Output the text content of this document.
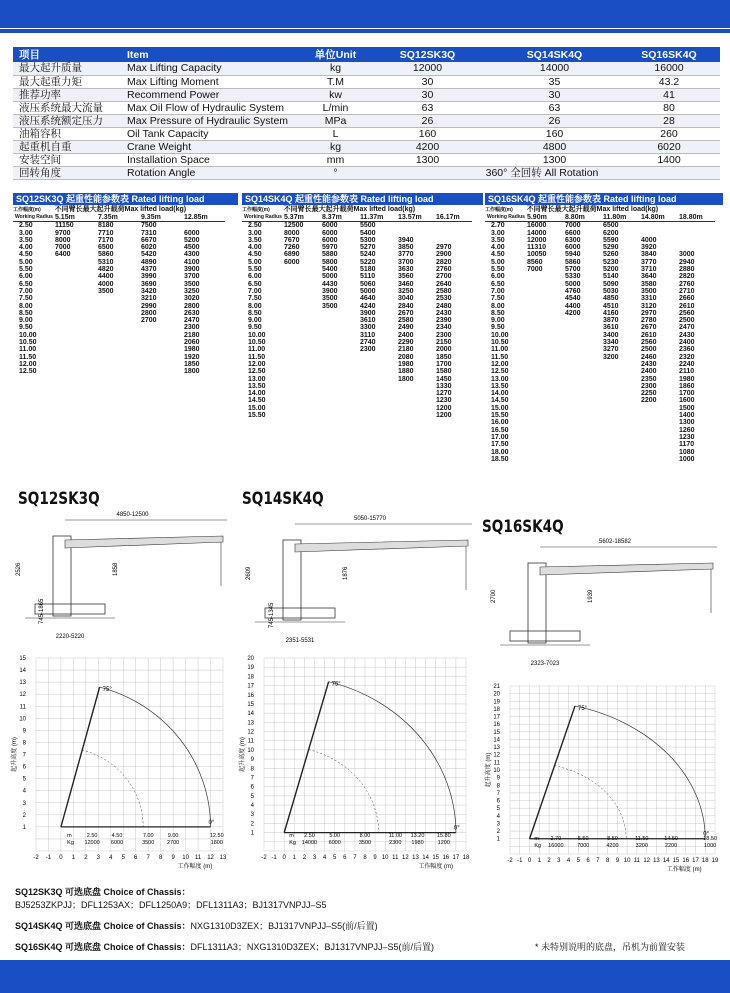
项目	Item	单位Unit	SQ12SK3Q	SQ14SK4Q	SQ16SK4Q
最大起升质量	Max Lifting Capacity	kg	12000	14000	16000
最大起重力矩	Max Lifting Moment	T.M	30	35	43.2
推荐功率	Recommend Power	kw	30	30	41
液压系统最大流量	Max Oil Flow of Hydraulic System	L/min	63	63	80
液压系统额定压力	Max Pressure of Hydraulic System	MPa	26	26	28
油箱容积	Oil Tank Capacity	L	160	160	260
起重机自重	Crane Weight	kg	4200	4800	6020
安装空间	Installation Space	mm	1300	1300	1400
回转角度	Rotation Angle	°	360° 全回转 All Rotation		
SQ12SK3Q 起重性能参数表 Rated lifting load
工作幅度(m) 不同臂长最大起升载荷Max lifted load(kg)
Working Radius	5.15m	7.35m	9.35m	12.85m
2.50	11150	8180	7500	
3.00	9700	7710	7310	6000
3.50	8000	7170	6670	5200
4.00	7000	6500	6020	4500
4.50	6400	5860	5420	4300
5.00		5310	4890	4100
5.50		4820	4370	3900
6.00		4400	3990	3700
6.50		4000	3690	3500
7.00		3500	3420	3250
7.50			3210	3020
8.00			2990	2800
8.50			2800	2630
9.00			2700	2470
9.50				2300
10.00				2180
10.50				2060
11.00				1980
11.50				1920
12.00				1850
12.50				1800
SQ14SK4Q 起重性能参数表 Rated lifting load
工作幅度(m) 不同臂长最大起升载荷Max lifted load(kg)
Working Radius	5.37m	8.37m	11.37m	13.57m	16.17m
2.50	12500	6000	5500		
3.00	8000	6000	5400		
3.50	7670	6000	5300	3940	
4.00	7260	5970	5270	3850	2970
4.50	6890	5880	5240	3770	2900
5.00	6000	5800	5220	3700	2820
5.50		5400	5180	3630	2760
6.00		5000	5110	3560	2700
6.50		4430	5060	3460	2640
7.00		3900	5000	3250	2580
7.50		3500	4640	3040	2530
8.00		3500	4240	2840	2480
8.50			3900	2670	2430
9.00			3610	2580	2390
9.50			3300	2490	2340
10.00			3110	2400	2300
10.50			2740	2290	2150
11.00			2300	2180	2000
11.50				2080	1850
12.00				1980	1700
12.50				1880	1580
13.00				1800	1450
13.50					1330
14.00					1270
14.50					1230
15.00					1200
15.50					1200
SQ16SK4Q 起重性能参数表 Rated lifting load
工作幅度(m) 不同臂长最大起升载荷Max lifted load(kg)
Working Radius	5.90m	8.80m	11.80m	14.80m	18.80m
2.70	16000	7000	6500		
3.00	14000	6600	6200		
3.50	12000	6300	5590	4000	
4.00	11310	6000	5290	3920	
4.50	10050	5940	5260	3840	3000
5.00	8560	5860	5230	3770	2940
5.50	7000	5700	5200	3710	2880
6.00		5330	5140	3640	2820
6.50		5000	5090	3580	2760
7.00		4760	5030	3500	2710
7.50		4540	4850	3310	2660
8.00		4400	4510	3120	2610
8.50		4200	4160	2970	2560
9.00			3870	2780	2500
9.50			3610	2670	2470
10.00			3400	2610	2430
10.50			3340	2560	2400
11.00			3270	2500	2360
11.50			3200	2460	2320
12.00				2430	2240
12.50				2400	2110
13.00				2350	1980
13.50				2300	1860
14.00				2250	1700
14.50				2200	1600
15.00					1500
15.50					1400
16.00					1300
16.50					1260
17.00					1230
17.50					1170
18.00					1080
18.50					1000
SQ12SK3Q	SQ14SK4Q
SQ16SK4Q
4850-12500
2526	1858
745-1865
2220-5220
5050-15770
2609	1876
745-1345
2351-5531
5602-18582
2700	1939
2323-7023
-2 -1 0 1 2 3 4 5 6 7 8 9 10 11 12 13
1
2
3
4
5
6
7
8
9
10
11
12
13
14
15
工作幅度 (m)
起升高度 (m)
75°
0°
m
Kg
2.50
12000
4.50
6000
7.00
3500
9.00
2700
12.50
1800
-2 -1 0 1 2 3 4 5 6 7 8 9 10 11 12 13 14 15 16 17 18
1
2
3
4
5
6
7
8
9
10
11
12
13
14
15
16
17
18
19
20
工作幅度 (m)
起升高度 (m)
75°
0°
m
Kg
2.50
14000
5.00
6000
8.00
3500
11.00
2300
13.20
1980
15.80
1200
-2 -1 0 1 2 3 4 5 6 7 8 9 10 11 12 13 14 15 16 17 18 19
1
2
3
4
5
6
7
8
9
10
11
12
13
14
15
16
17
18
19
20
21
工作幅度 (m)
起升高度 (m)
75°
0°
m
Kg
2.70
16000
5.50
7000
8.50
4200
11.50
3200
14.50
2200
18.50
1000
SQ12SK3Q 可选底盘 Choice of Chassis：
BJ5253ZKPJJ；DFL1253AX；DFL1250A9；DFL1311A3；BJ1317VNPJJ–S5
SQ14SK4Q 可选底盘 Choice of Chassis：NXG1310D3ZEX；BJ1317VNPJJ–S5(前/后置)
SQ16SK4Q 可选底盘 Choice of Chassis：DFL1311A3；NXG1310D3ZEX；BJ1317VNPJJ–S5(前/后置)	* 未特别说明的底盘，吊机为前置安装
